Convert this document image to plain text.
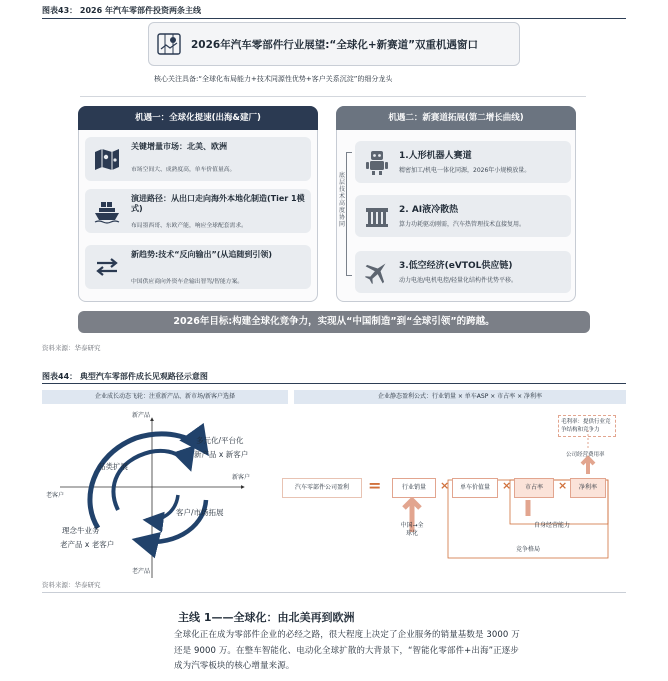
图表43： 2026 年汽车零部件投资两条主线
2026年汽车零部件行业展望:“全球化+新赛道”双重机遇窗口
核心关注具备:“全球化布局能力+技术同源性优势+客户关系沉淀”的细分龙头
机遇一：全球化提速(出海&建厂)
关键增量市场：北美、欧洲
市场空间大、成熟度高，单车价值量高。
演进路径：从出口走向海外本地化制造(Tier 1模式)
布局墨西哥、东欧产能，响应全球配套需求。
新趋势:技术“反向输出”(从追随到引领)
中国供应商向外资车企输出智驾/智能方案。
机遇二：新赛道拓展(第二增长曲线)
1.人形机器人赛道
精密加工/机电一体化同源，2026年小规模放量。
2. AI液冷散热
算力功耗驱动刚需，汽车热管理技术直接复用。
3.低空经济(eVTOL供应链)
动力电池/电机电控/轻量化结构件优势平移。
底层技术高度协同
2026年目标:构建全球化竞争力，实现从“中国制造”到“全球引领”的跨越。
资料来源：华泰研究
图表44： 典型汽车零部件成长见观路径示意图
企业成长动态飞轮：注重新产品、新市场/新客户选择	企业静态盈利公式：行业销量 × 单车ASP × 市占率 × 净利率
新产品
老产品
老客户
新客户
多元化/平台化
新产品 x 新客户
品类扩展
理念牛业务
老产品 x 老客户
客户/市场拓展
汽车零部件公司盈利	=	行业销量	×	单车价值量	×	市占率	×	净利率
中国→全球化
毛利率：提供行业竞争结构和竞争力
公司经营费用率
自身经营能力
竞争格局
资料来源：华泰研究
主线 1——全球化：由北美再到欧洲
全球化正在成为零部件企业的必经之路，很大程度上决定了企业服务的销量基数是 3000 万
还是 9000 万。在整车智能化、电动化全球扩散的大背景下，“智能化零部件+出海”正逐步
成为汽零板块的核心增量来源。
